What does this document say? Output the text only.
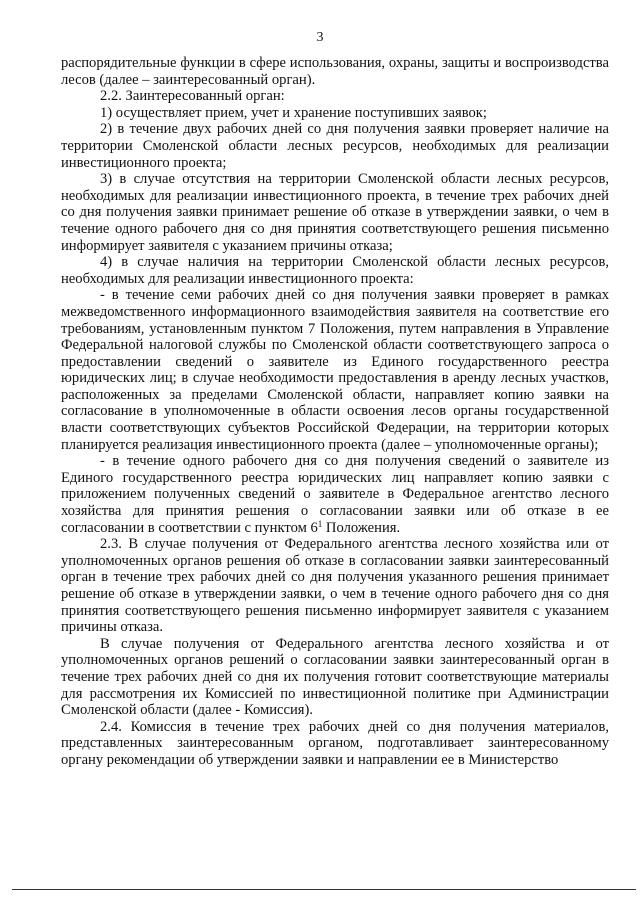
3

распорядительные функции в сфере использования, охраны, защиты и воспроизводства лесов (далее – заинтересованный орган).

2.2. Заинтересованный орган:

1) осуществляет прием, учет и хранение поступивших заявок;

2) в течение двух рабочих дней со дня получения заявки проверяет наличие на территории Смоленской области лесных ресурсов, необходимых для реализации инвестиционного проекта;

3) в случае отсутствия на территории Смоленской области лесных ресурсов, необходимых для реализации инвестиционного проекта, в течение трех рабочих дней со дня получения заявки принимает решение об отказе в утверждении заявки, о чем в течение одного рабочего дня со дня принятия соответствующего решения письменно информирует заявителя с указанием причины отказа;

4) в случае наличия на территории Смоленской области лесных ресурсов, необходимых для реализации инвестиционного проекта:

- в течение семи рабочих дней со дня получения заявки проверяет в рамках межведомственного информационного взаимодействия заявителя на соответствие его требованиям, установленным пунктом 7 Положения, путем направления в Управление Федеральной налоговой службы по Смоленской области соответствующего запроса о предоставлении сведений о заявителе из Единого государственного реестра юридических лиц; в случае необходимости предоставления в аренду лесных участков, расположенных за пределами Смоленской области, направляет копию заявки на согласование в уполномоченные в области освоения лесов органы государственной власти соответствующих субъектов Российской Федерации, на территории которых планируется реализация инвестиционного проекта (далее – уполномоченные органы);

- в течение одного рабочего дня со дня получения сведений о заявителе из Единого государственного реестра юридических лиц направляет копию заявки с приложением полученных сведений о заявителе в Федеральное агентство лесного хозяйства для принятия решения о согласовании заявки или об отказе в ее согласовании в соответствии с пунктом $6^1$ Положения.

2.3. В случае получения от Федерального агентства лесного хозяйства или от уполномоченных органов решения об отказе в согласовании заявки заинтересованный орган в течение трех рабочих дней со дня получения указанного решения принимает решение об отказе в утверждении заявки, о чем в течение одного рабочего дня со дня принятия соответствующего решения письменно информирует заявителя с указанием причины отказа.

В случае получения от Федерального агентства лесного хозяйства и от уполномоченных органов решений о согласовании заявки заинтересованный орган в течение трех рабочих дней со дня их получения готовит соответствующие материалы для рассмотрения их Комиссией по инвестиционной политике при Администрации Смоленской области (далее - Комиссия).

2.4. Комиссия в течение трех рабочих дней со дня получения материалов, представленных заинтересованным органом, подготавливает заинтересованному органу рекомендации об утверждении заявки и направлении ее в Министерство
